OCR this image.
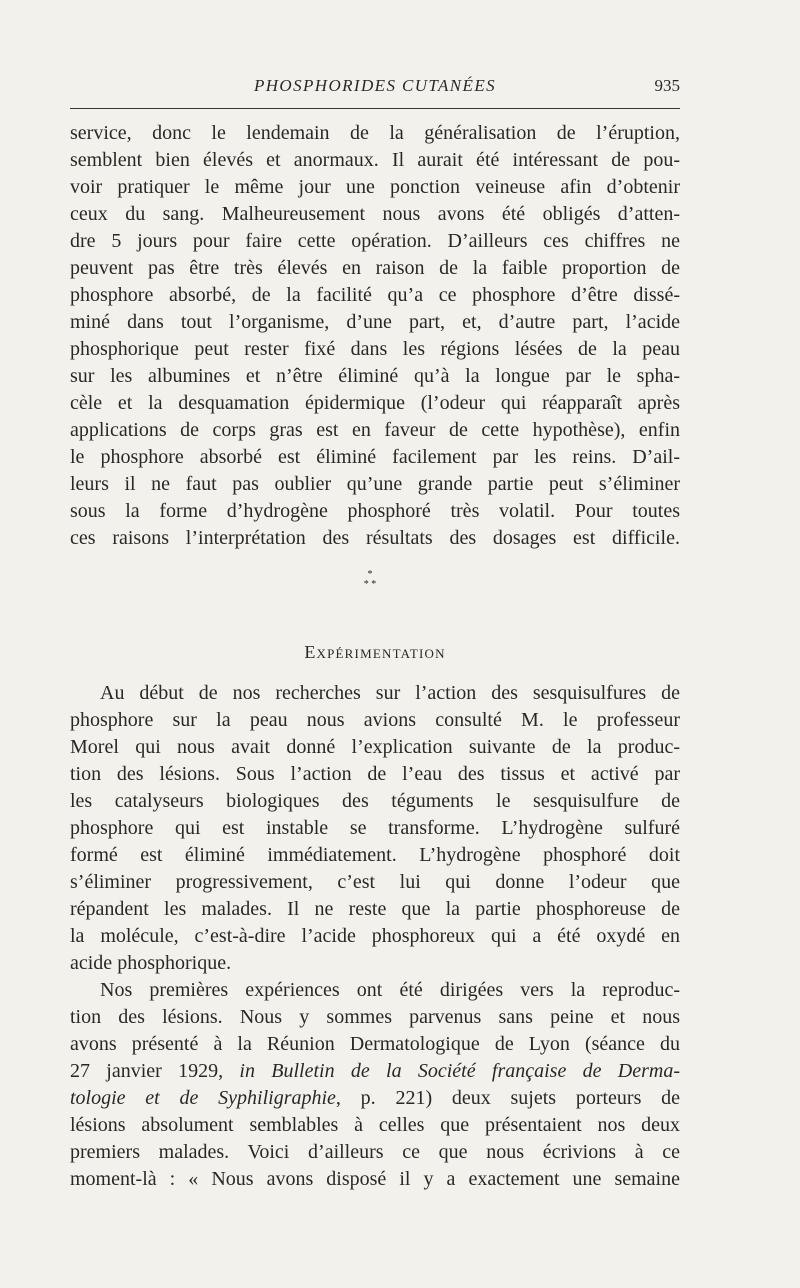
PHOSPHORIDES CUTANÉES	935
service, donc le lendemain de la généralisation de l’éruption,
semblent bien élevés et anormaux. Il aurait été intéressant de pou-
voir pratiquer le même jour une ponction veineuse afin d’obtenir
ceux du sang. Malheureusement nous avons été obligés d’atten-
dre 5 jours pour faire cette opération. D’ailleurs ces chiffres ne
peuvent pas être très élevés en raison de la faible proportion de
phosphore absorbé, de la facilité qu’a ce phosphore d’être dissé-
miné dans tout l’organisme, d’une part, et, d’autre part, l’acide
phosphorique peut rester fixé dans les régions lésées de la peau
sur les albumines et n’être éliminé qu’à la longue par le spha-
cèle et la desquamation épidermique (l’odeur qui réapparaît après
applications de corps gras est en faveur de cette hypothèse), enfin
le phosphore absorbé est éliminé facilement par les reins. D’ail-
leurs il ne faut pas oublier qu’une grande partie peut s’éliminer
sous la forme d’hydrogène phosphoré très volatil. Pour toutes
ces raisons l’interprétation des résultats des dosages est difficile.
*
* *
Expérimentation
Au début de nos recherches sur l’action des sesquisulfures de
phosphore sur la peau nous avions consulté M. le professeur
Morel qui nous avait donné l’explication suivante de la produc-
tion des lésions. Sous l’action de l’eau des tissus et activé par
les catalyseurs biologiques des téguments le sesquisulfure de
phosphore qui est instable se transforme. L’hydrogène sulfuré
formé est éliminé immédiatement. L’hydrogène phosphoré doit
s’éliminer progressivement, c’est lui qui donne l’odeur que
répandent les malades. Il ne reste que la partie phosphoreuse de
la molécule, c’est-à-dire l’acide phosphoreux qui a été oxydé en
acide phosphorique.
Nos premières expériences ont été dirigées vers la reproduc-
tion des lésions. Nous y sommes parvenus sans peine et nous
avons présenté à la Réunion Dermatologique de Lyon (séance du
27 janvier 1929, in Bulletin de la Société française de Derma-
tologie et de Syphiligraphie, p. 221) deux sujets porteurs de
lésions absolument semblables à celles que présentaient nos deux
premiers malades. Voici d’ailleurs ce que nous écrivions à ce
moment-là : « Nous avons disposé il y a exactement une semaine
